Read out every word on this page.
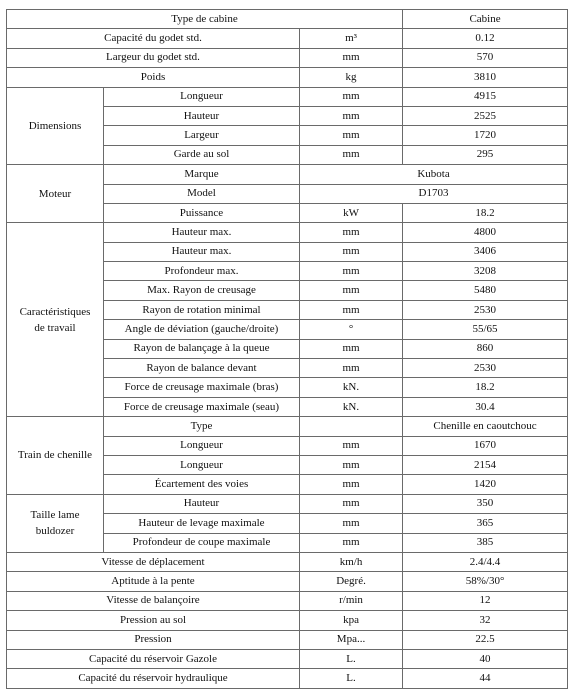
Type de cabine			Cabine
Capacité du godet std.		m³	0.12
Largeur du godet std.		mm	570
Poids		kg	3810
Dimensions	Longueur	mm	4915
	Hauteur	mm	2525
	Largeur	mm	1720
	Garde au sol	mm	295
Moteur	Marque	Kubota	
	Model	D1703	
	Puissance	kW	18.2
Caractéristiques
de travail	Hauteur max.	mm	4800
	Hauteur max.	mm	3406
	Profondeur max.	mm	3208
	Max. Rayon de creusage	mm	5480
	Rayon de rotation minimal	mm	2530
	Angle de déviation (gauche/droite)	°	55/65
	Rayon de balançage à la queue	mm	860
	Rayon de balance devant	mm	2530
	Force de creusage maximale (bras)	kN.	18.2
	Force de creusage maximale (seau)	kN.	30.4
Train de chenille	Type		Chenille en caoutchouc
	Longueur	mm	1670
	Longueur	mm	2154
	Écartement des voies	mm	1420
Taille lame
buldozer	Hauteur	mm	350
	Hauteur de levage maximale	mm	365
	Profondeur de coupe maximale	mm	385
Vitesse de déplacement		km/h	2.4/4.4
Aptitude à la pente		Degré.	58%/30°
Vitesse de balançoire		r/min	12
Pression au sol		kpa	32
Pression		Mpa...	22.5
Capacité du réservoir Gazole		L.	40
Capacité du réservoir hydraulique		L.	44
